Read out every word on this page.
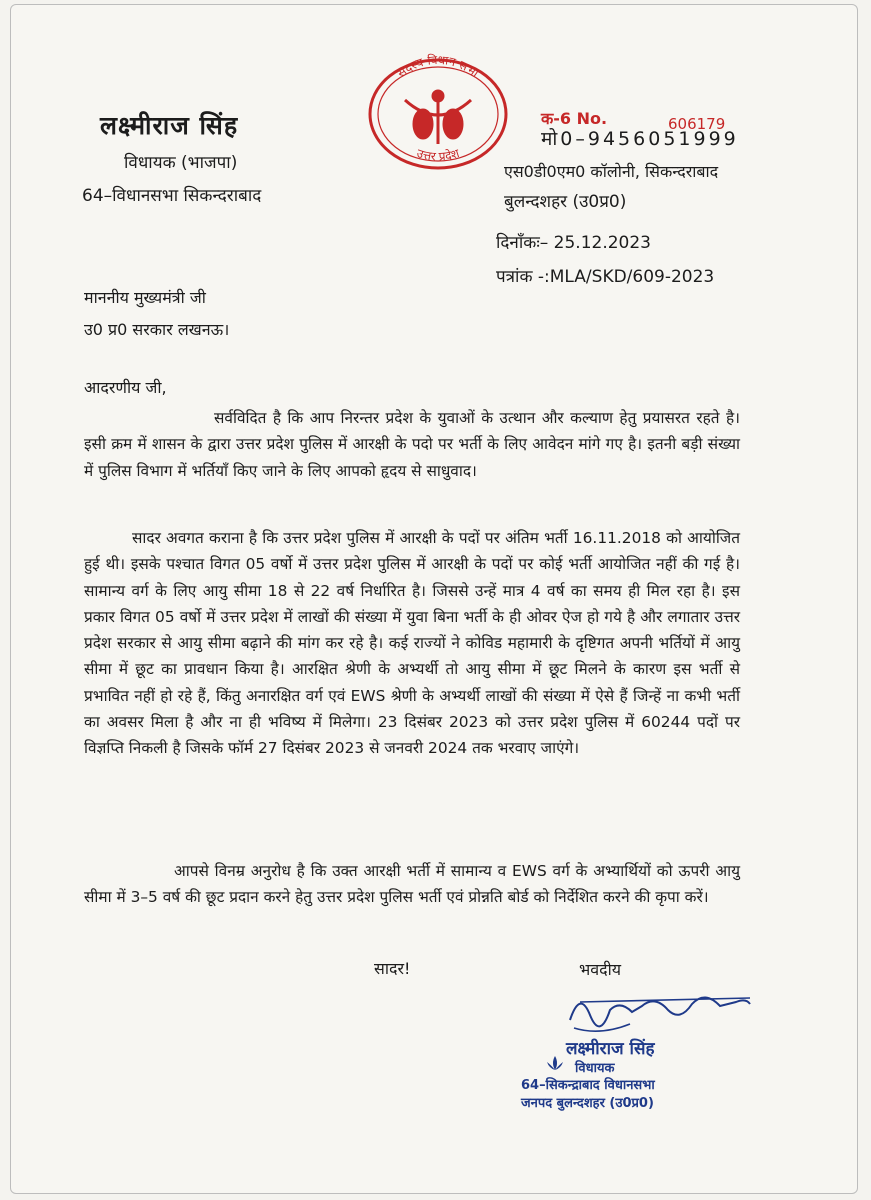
लक्ष्मीराज सिंह
विधायक (भाजपा)
64–विधानसभा सिकन्दराबाद
सदस्य विधान सभा
उत्तर प्रदेश
क-6 No.	606179
मो0–9456051999
एस0डी0एम0 कॉलोनी, सिकन्दराबाद
बुलन्दशहर (उ0प्र0)
दिनाँकः– 25.12.2023
पत्रांक -:MLA/SKD/609-2023
माननीय मुख्यमंत्री जी
उ0 प्र0 सरकार लखनऊ।
आदरणीय जी,
सर्वविदित है कि आप निरन्तर प्रदेश के युवाओं के उत्थान और कल्याण हेतु प्रयासरत रहते है। इसी क्रम में शासन के द्वारा उत्तर प्रदेश पुलिस में आरक्षी के पदो पर भर्ती के लिए आवेदन मांगे गए है। इतनी बड़ी संख्या में पुलिस विभाग में भर्तियाँ किए जाने के लिए आपको हृदय से साधुवाद।
सादर अवगत कराना है कि उत्तर प्रदेश पुलिस में आरक्षी के पदों पर अंतिम भर्ती 16.11.2018 को आयोजित हुई थी। इसके पश्चात विगत 05 वर्षो में उत्तर प्रदेश पुलिस में आरक्षी के पदों पर कोई भर्ती आयोजित नहीं की गई है। सामान्य वर्ग के लिए आयु सीमा 18 से 22 वर्ष निर्धारित है। जिससे उन्हें मात्र 4 वर्ष का समय ही मिल रहा है। इस प्रकार विगत 05 वर्षो में उत्तर प्रदेश में लाखों की संख्या में युवा बिना भर्ती के ही ओवर ऐज हो गये है और लगातार उत्तर प्रदेश सरकार से आयु सीमा बढ़ाने की मांग कर रहे है। कई राज्यों ने कोविड महामारी के दृष्टिगत अपनी भर्तियों में आयु सीमा में छूट का प्रावधान किया है। आरक्षित श्रेणी के अभ्यर्थी तो आयु सीमा में छूट मिलने के कारण इस भर्ती से प्रभावित नहीं हो रहे हैं, किंतु अनारक्षित वर्ग एवं EWS श्रेणी के अभ्यर्थी लाखों की संख्या में ऐसे हैं जिन्हें ना कभी भर्ती का अवसर मिला है और ना ही भविष्य में मिलेगा। 23 दिसंबर 2023 को उत्तर प्रदेश पुलिस में 60244 पदों पर विज्ञप्ति निकली है जिसके फॉर्म 27 दिसंबर 2023 से जनवरी 2024 तक भरवाए जाएंगे।
आपसे विनम्र अनुरोध है कि उक्त आरक्षी भर्ती में सामान्य व EWS वर्ग के अभ्यार्थियों को ऊपरी आयु सीमा में 3–5 वर्ष की छूट प्रदान करने हेतु उत्तर प्रदेश पुलिस भर्ती एवं प्रोन्नति बोर्ड को निर्देशित करने की कृपा करें।
सादर!	भवदीय
लक्ष्मीराज सिंह
विधायक
64–सिकन्द्राबाद विधानसभा
जनपद बुलन्दशहर (उ0प्र0)
